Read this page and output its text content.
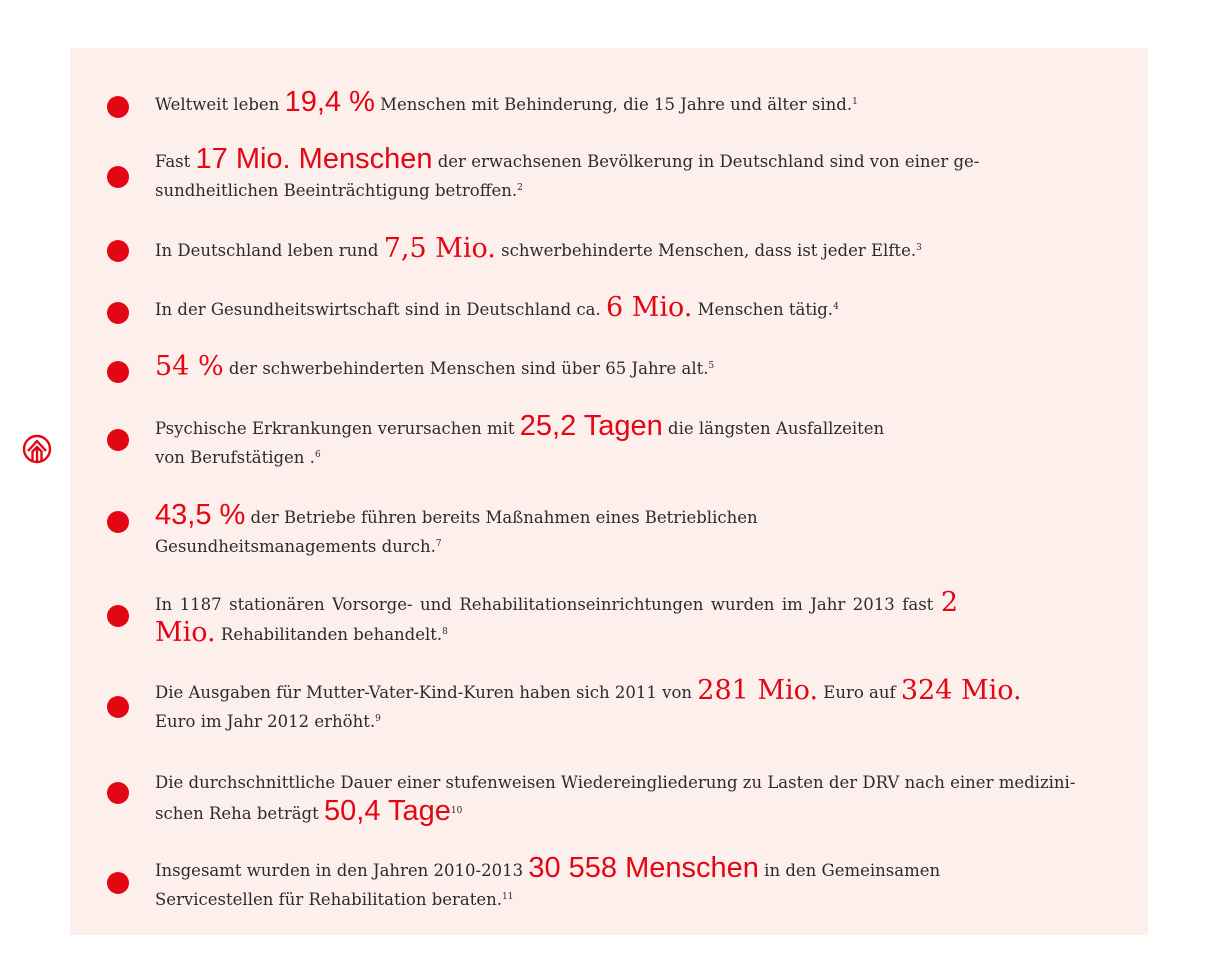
Weltweit leben 19,4 % Menschen mit Behinderung, die 15 Jahre und älter sind.$^1$

Fast 17 Mio. Menschen der erwachsenen Bevölkerung in Deutschland sind von einer ge-
sundheitlichen Beeinträchtigung betroffen.$^2$

In Deutschland leben rund 7,5 Mio. schwerbehinderte Menschen, dass ist jeder Elfte.$^3$

In der Gesundheitswirtschaft sind in Deutschland ca. 6 Mio. Menschen tätig.$^4$

54 % der schwerbehinderten Menschen sind über 65 Jahre alt.$^5$

Psychische Erkrankungen verursachen mit 25,2 Tagen die längsten Ausfallzeiten
von Berufstätigen .$^6$

43,5 % der Betriebe führen bereits Maßnahmen eines Betrieblichen
Gesundheitsmanagements durch.$^7$

In 1187 stationären Vorsorge- und Rehabilitationseinrichtungen wurden im Jahr 2013 fast 2 Mio. Rehabilitanden behandelt.$^8$

Die Ausgaben für Mutter-Vater-Kind-Kuren haben sich 2011 von 281 Mio. Euro auf 324 Mio.
Euro im Jahr 2012 erhöht.$^9$

Die durchschnittliche Dauer einer stufenweisen Wiedereingliederung zu Lasten der DRV nach einer medizini-
schen Reha beträgt 50,4 Tage$^{10}$

Insgesamt wurden in den Jahren 2010-2013 30 558 Menschen in den Gemeinsamen
Servicestellen für Rehabilitation beraten.$^{11}$
